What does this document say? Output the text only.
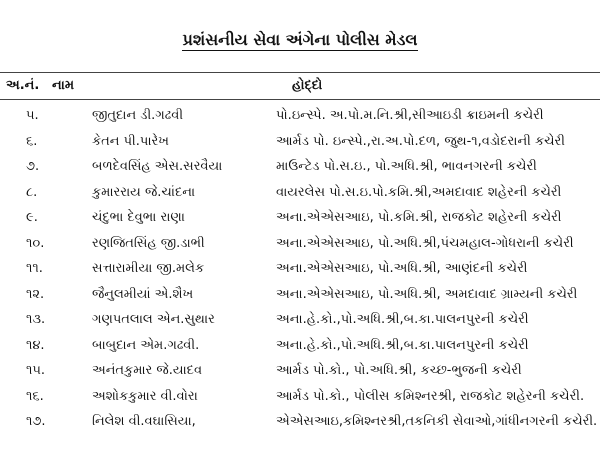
પ્રશંસનીય સેવા અંગેના પોલીસ મેડલ
અ.નં. નામ	હોદ્દો
૫.	જીતુદાન ડી.ગઢવી	પો.ઇન્સ્પે. અ.પો.મ.નિ.શ્રી,સીઆઇડી ક્રાઇમની કચેરી
૬.	કેતન પી.પારેખ	આર્મડ પો. ઇન્સ્પે.,રા.અ.પો.દળ, જુથ-૧,વડોદરાની કચેરી
૭.	બળદેવસિંહ એસ.સરવૈયા	માઉન્ટેડ પો.સ.ઇ., પો.અધિ.શ્રી, ભાવનગરની કચેરી
૮.	કુમારરાય જે.ચાંદના	વાયરલેસ પો.સ.ઇ.પો.કમિ.શ્રી,અમદાવાદ શહેરની કચેરી
૯.	ચંદુભા દેવુભા રાણા	અના.એએસઆઇ, પો.કમિ.શ્રી, રાજકોટ શહેરની કચેરી
૧૦.	રણજિતસિંહ જી.ડાભી	અના.એએસઆઇ, પો.અધિ.શ્રી,પંચમહાલ-ગોધરાની કચેરી
૧૧.	સત્તારામીયા જી.મલેક	અના.એએસઆઇ, પો.અધિ.શ્રી, આણંદની કચેરી
૧૨.	જૈનુલમીયાં એ.શૈખ	અના.એએસઆઇ, પો.અધિ.શ્રી, અમદાવાદ ગ્રામ્યની કચેરી
૧૩.	ગણપતલાલ એન.સુથાર	અના.હે.કો.,પો.અધિ.શ્રી,બ.કા.પાલનપુરની કચેરી
૧૪.	બાબુદાન એમ.ગઢવી.	અના.હે.કો.,પો.અધિ.શ્રી,બ.કા.પાલનપુરની કચેરી
૧૫.	અનંતકુમાર જે.યાદવ	આર્મડ પો.કો., પો.અધિ.શ્રી, કચ્છ-ભુજની કચેરી
૧૬.	અશોકકુમાર વી.વોરા	આર્મડ પો.કો., પોલીસ કમિશ્નરશ્રી, રાજકોટ શહેરની કચેરી.
૧૭.	નિલેશ વી.વઘાસિયા,	એએસઆઇ,કમિશ્નરશ્રી,તકનિકી સેવાઓ,ગાંધીનગરની કચેરી.
